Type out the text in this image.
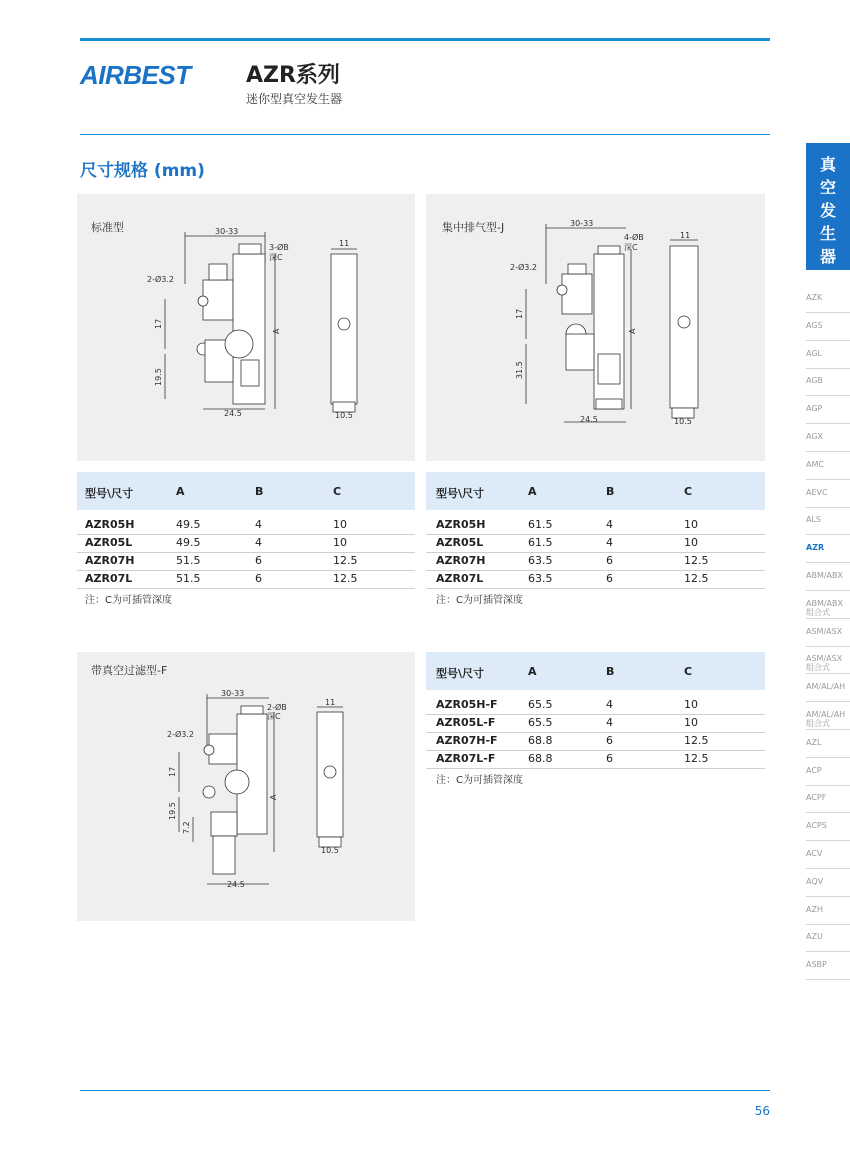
AIRBEST	AZR系列
迷你型真空发生器
尺寸规格 (mm)
标准型	30-33
3-ØB
深C
2-Ø3.2
17
19.5
24.5
A
11
10.5
集中排气型-J	30-33
4-ØB
深C
2-Ø3.2
17
31.5
24.5
A
11
10.5
带真空过滤型-F
30-33
2-ØB
深C
2-Ø3.2
17
19.5
7.2
24.5
A
11
10.5
型号\尺寸	A	B	C
AZR05H	49.5	4	10
AZR05L	49.5	4	10
AZR07H	51.5	6	12.5
AZR07L	51.5	6	12.5
注：C为可插管深度
型号\尺寸	A	B	C
AZR05H	61.5	4	10
AZR05L	61.5	4	10
AZR07H	63.5	6	12.5
AZR07L	63.5	6	12.5
注：C为可插管深度
型号\尺寸	A	B	C
AZR05H-F	65.5	4	10
AZR05L-F	65.5	4	10
AZR07H-F	68.8	6	12.5
AZR07L-F	68.8	6	12.5
注：C为可插管深度
真
空
发
生
器
AZK
AGS
AGL
AGB
AGP
AGX
AMC
AEVC
ALS
AZR
ABM/ABX
ABM/ABX
组合式
ASM/ASX
ASM/ASX
组合式
AM/AL/AH
AM/AL/AH
组合式
AZL
ACP
ACPF
ACPS
ACV
AQV
AZH
AZU
ASBP
56
